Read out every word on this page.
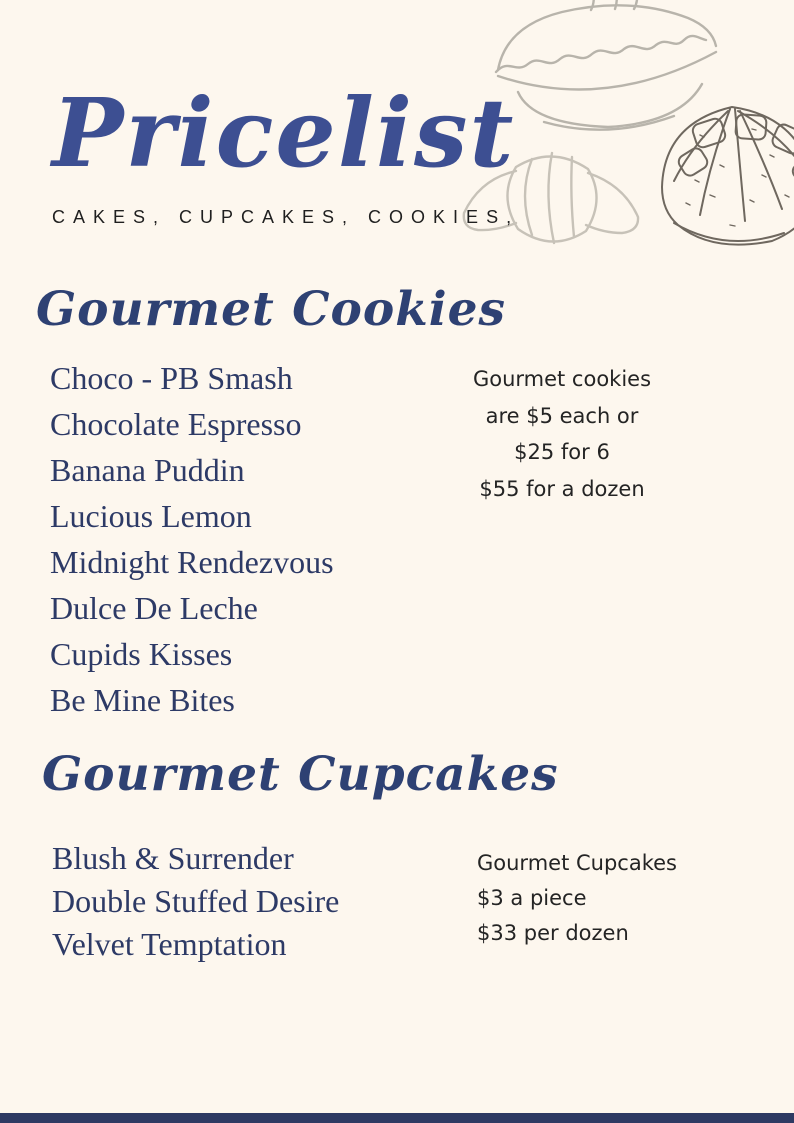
Pricelist
CAKES, CUPCAKES, COOKIES,
Gourmet Cookies
Choco - PB Smash
Chocolate Espresso
Banana Puddin
Lucious Lemon
Midnight Rendezvous
Dulce De Leche
Cupids Kisses
Be Mine Bites
Gourmet cookies
are $5 each or
$25 for 6
$55 for a dozen
Gourmet Cupcakes
Blush & Surrender
Double Stuffed Desire
Velvet Temptation
Gourmet Cupcakes
$3 a piece
$33 per dozen
